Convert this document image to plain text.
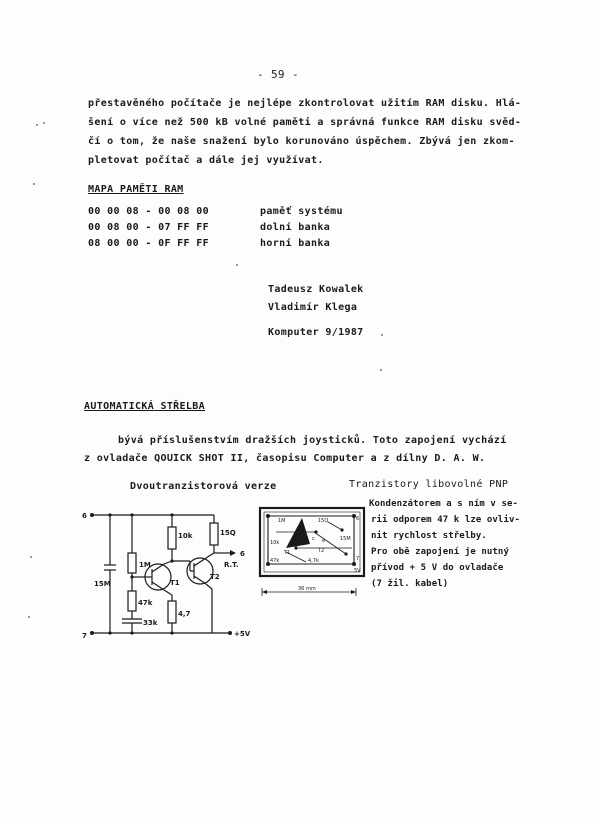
- 59 -
přestavěného počítače je nejlépe zkontrolovat užitím RAM disku. Hlá-
šení o více než 500 kB volné paměti a správná funkce RAM disku svěd-
čí o tom, že naše snažení bylo korunováno úspěchem. Zbývá jen zkom-
pletovat počítač a dále jej využívat.
MAPA PAMĚTI RAM
00 00 08 - 00 08 00	paměť systému
00 08 00 - 07 FF FF	dolní banka
08 00 00 - 0F FF FF	horní banka
Tadeusz Kowalek
Vladimír Klega
Komputer 9/1987
AUTOMATICKÁ STŘELBA
bývá příslušenstvím dražších joysticků. Toto zapojení vychází
z ovladače QOUICK SHOT II, časopisu Computer a z dílny D. A. W.
Dvoutranzistorová verze	Tranzistory libovolné PNP
Kondenzátorem a s ním v se-
rii odporem 47 k lze ovliv-
nit rychlost střelby.
Pro obě zapojení je nutný
přívod + 5 V do ovladače
(7 žil. kabel)
6
7
6
10k	15Q
1M
47k
33k
4,7
15M	T1
T2
R.T.
+5V
1M	15Q
10k
47k	4,7k
T1	T2
e
c	15M
6
7
5V
36 mm
